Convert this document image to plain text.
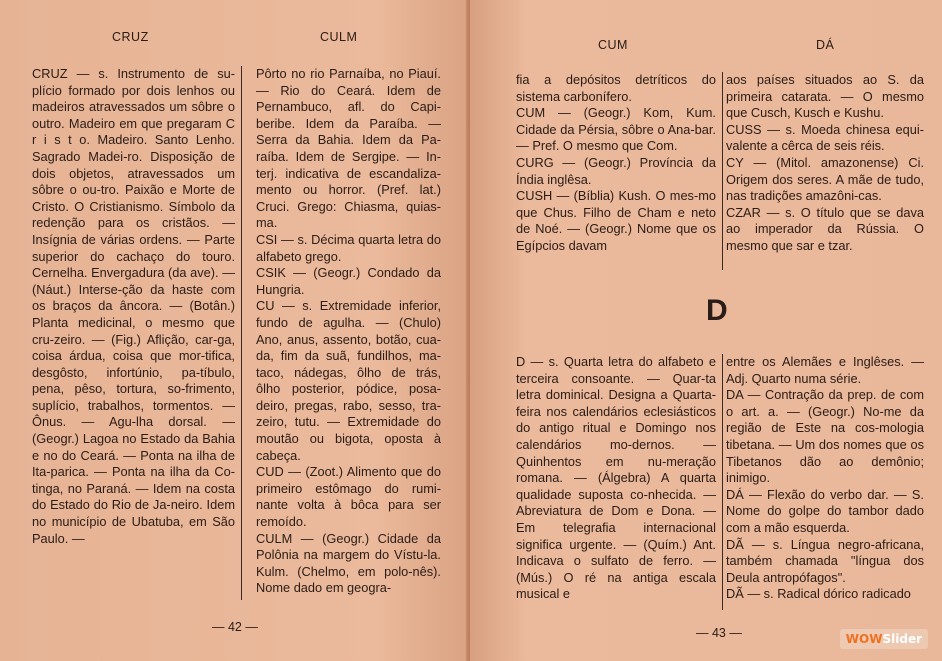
CRUZ	CULM

CRUZ — s. Instrumento de su-plício formado por dois lenhos ou madeiros atravessados um sôbre o outro. Madeiro em que pregaram C r i s t o. Madeiro. Santo Lenho. Sagrado Madei-ro. Disposição de dois objetos, atravessados um sôbre o ou-tro. Paixão e Morte de Cristo. O Cristianismo. Símbolo da redenção para os cristãos. — Insígnia de várias ordens. — Parte superior do cachaço do touro. Cernelha. Envergadura (da ave). — (Náut.) Interse-ção da haste com os braços da âncora. — (Botân.) Planta medicinal, o mesmo que cru-zeiro. — (Fig.) Aflição, car-ga, coisa árdua, coisa que mor-tifica, desgôsto, infortúnio, pa-tíbulo, pena, pêso, tortura, so-frimento, suplício, trabalhos, tormentos. — Ônus. — Agu-lha dorsal. — (Geogr.) Lagoa no Estado da Bahia e no do Ceará. — Ponta na ilha de Ita-parica. — Ponta na ilha da Co-tinga, no Paraná. — Idem na costa do Estado do Rio de Ja-neiro. Idem no município de Ubatuba, em São Paulo. —

Pôrto no rio Parnaíba, no Piauí. — Rio do Ceará. Idem de Pernambuco, afl. do Capi-beribe. Idem da Paraíba. — Serra da Bahia. Idem da Pa-raíba. Idem de Sergipe. — In-terj. indicativa de escandaliza-mento ou horror. (Pref. lat.) Cruci. Grego: Chiasma, quias-ma.

CSI — s. Décima quarta letra do alfabeto grego.

CSIK — (Geogr.) Condado da Hungria.

CU — s. Extremidade inferior, fundo de agulha. — (Chulo) Ano, anus, assento, botão, cua-da, fim da suã, fundilhos, ma-taco, nádegas, ôlho de trás, ôlho posterior, pódice, posa-deiro, pregas, rabo, sesso, tra-zeiro, tutu. — Extremidade do moutão ou bigota, oposta à cabeça.

CUD — (Zoot.) Alimento que do primeiro estômago do rumi-nante volta à bôca para ser remoído.

CULM — (Geogr.) Cidade da Polônia na margem do Vístu-la. Kulm. (Chelmo, em polo-nês). Nome dado em geogra-

— 42 —
CUM	DÁ

fia a depósitos detríticos do sistema carbonífero.

CUM — (Geogr.) Kom, Kum. Cidade da Pérsia, sôbre o Ana-bar. — Pref. O mesmo que Com.

CURG — (Geogr.) Província da Índia inglêsa.

CUSH — (Bíblia) Kush. O mes-mo que Chus. Filho de Cham e neto de Noé. — (Geogr.) Nome que os Egípcios davam

aos países situados ao S. da primeira catarata. — O mesmo que Cusch, Kusch e Kushu.

CUSS — s. Moeda chinesa equi-valente a cêrca de seis réis.

CY — (Mitol. amazonense) Ci. Origem dos seres. A mãe de tudo, nas tradições amazôni-cas.

CZAR — s. O título que se dava ao imperador da Rússia. O mesmo que sar e tzar.

D

D — s. Quarta letra do alfabeto e terceira consoante. — Quar-ta letra dominical. Designa a Quarta-feira nos calendários eclesiásticos do antigo ritual e Domingo nos calendários mo-dernos. — Quinhentos em nu-meração romana. — (Álgebra) A quarta qualidade suposta co-nhecida. — Abreviatura de Dom e Dona. — Em telegrafia internacional significa urgente. — (Quím.) Ant. Indicava o sulfato de ferro. — (Mús.) O ré na antiga escala musical e

entre os Alemães e Inglêses. — Adj. Quarto numa série.

DA — Contração da prep. de com o art. a. — (Geogr.) No-me da região de Este na cos-mologia tibetana. — Um dos nomes que os Tibetanos dão ao demônio; inimigo.

DÁ — Flexão do verbo dar. — S. Nome do golpe do tambor dado com a mão esquerda.

DÃ — s. Língua negro-africana, também chamada "língua dos Deula antropófagos".

DÃ — s. Radical dórico radicado

— 43 —	WOWSlider
